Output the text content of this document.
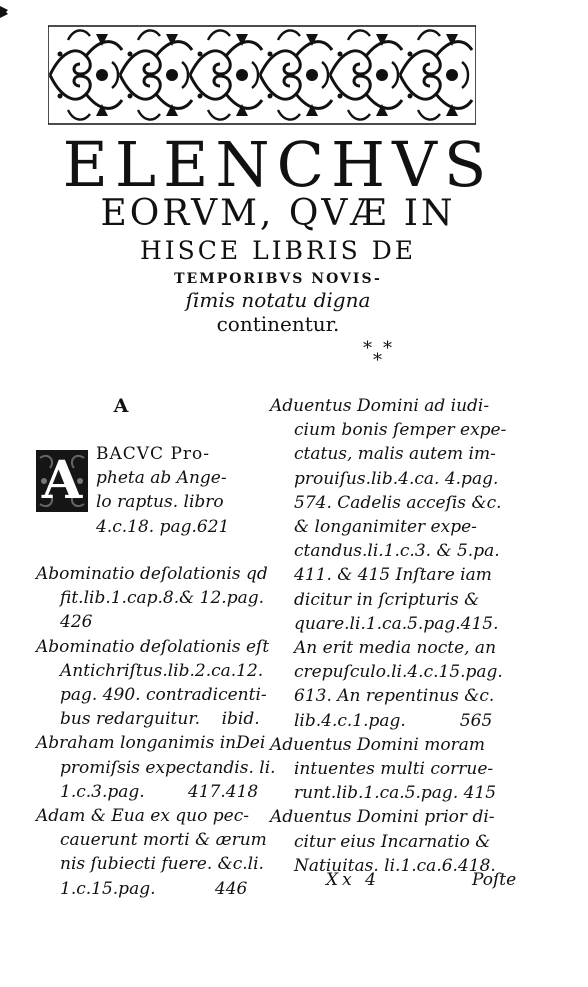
ELENCHVS
EORVM, QVÆ IN
HISCE LIBRIS DE
TEMPORIBVS NOVIS-
ſimis notatu digna
continentur.
* *
*
A
A BACVC Pro-
pheta ab Ange-
lo raptus. libro
4.c.18. pag.621
Abominatio deſolationis qd
fit.lib.1.cap.8.& 12.pag.
426
Abominatio deſolationis eſt
Antichriſtus.lib.2.ca.12.
pag. 490. contradicenti-
bus redarguitur.    ibid.
Abraham longanimis inDei
promiſsis expectandis. li.
1.c.3.pag.        417.418
Adam & Eua ex quo pec-
cauerunt morti & ærum
nis ſubiecti fuere. &c.li.
1.c.15.pag.           446
Aduentus Domini ad iudi-
cium bonis ſemper expe-
ctatus, malis autem im-
prouiſus.lib.4.ca. 4.pag.
574. Cadelis acceſis &c.
& longanimiter expe-
ctandus.li.1.c.3. & 5.pa.
411. & 415 Inſtare iam
dicitur in ſcripturis &
quare.li.1.ca.5.pag.415.
An erit media nocte, an
crepuſculo.li.4.c.15.pag.
613. An repentinus &c.
lib.4.c.1.pag.          565
Aduentus Domini moram
intuentes multi corrue-
runt.lib.1.ca.5.pag. 415
Aduentus Domini prior di-
citur eius Incarnatio &
Natiuitas. li.1.ca.6.418.
Xx 4	Poſte
